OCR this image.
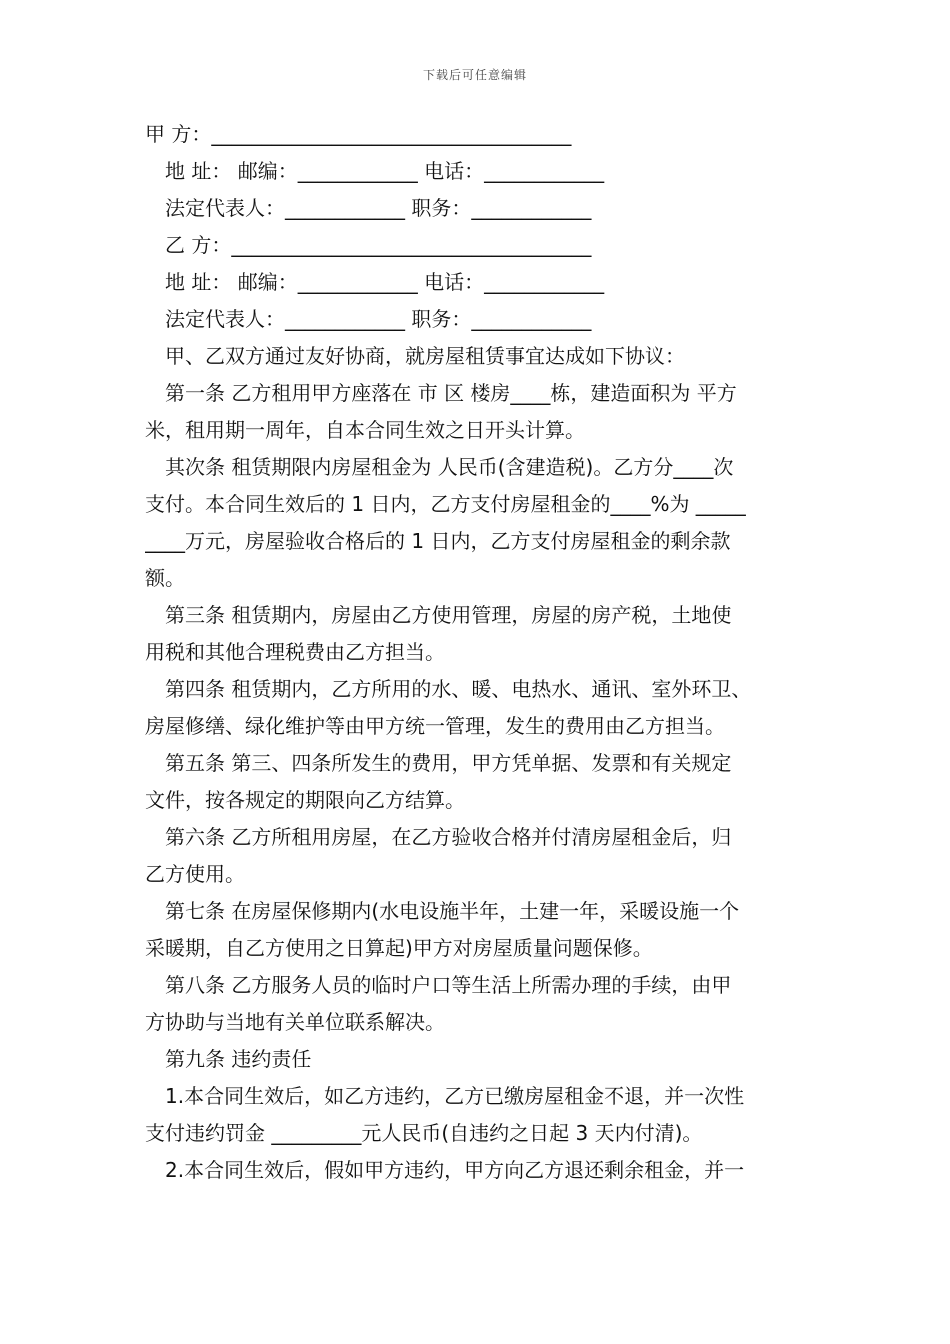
下载后可任意编辑
甲 方：____________________________________
地 址： 邮编：____________ 电话：____________
法定代表人：____________ 职务：____________
乙 方：____________________________________
地 址： 邮编：____________ 电话：____________
法定代表人：____________ 职务：____________
甲、乙双方通过友好协商，就房屋租赁事宜达成如下协议：
第一条 乙方租用甲方座落在 市 区 楼房____栋，建造面积为 平方
米，租用期一周年，自本合同生效之日开头计算。
其次条 租赁期限内房屋租金为 人民币(含建造税)。乙方分____次
支付。本合同生效后的 1 日内，乙方支付房屋租金的____%为 _____
____万元，房屋验收合格后的 1 日内，乙方支付房屋租金的剩余款
额。
第三条 租赁期内，房屋由乙方使用管理，房屋的房产税，土地使
用税和其他合理税费由乙方担当。
第四条 租赁期内，乙方所用的水、暖、电热水、通讯、室外环卫、
房屋修缮、绿化维护等由甲方统一管理，发生的费用由乙方担当。
第五条 第三、四条所发生的费用，甲方凭单据、发票和有关规定
文件，按各规定的期限向乙方结算。
第六条 乙方所租用房屋，在乙方验收合格并付清房屋租金后，归
乙方使用。
第七条 在房屋保修期内(水电设施半年，土建一年，采暖设施一个
采暖期，自乙方使用之日算起)甲方对房屋质量问题保修。
第八条 乙方服务人员的临时户口等生活上所需办理的手续，由甲
方协助与当地有关单位联系解决。
第九条 违约责任
1.本合同生效后，如乙方违约，乙方已缴房屋租金不退，并一次性
支付违约罚金 _________元人民币(自违约之日起 3 天内付清)。
2.本合同生效后，假如甲方违约，甲方向乙方退还剩余租金，并一
